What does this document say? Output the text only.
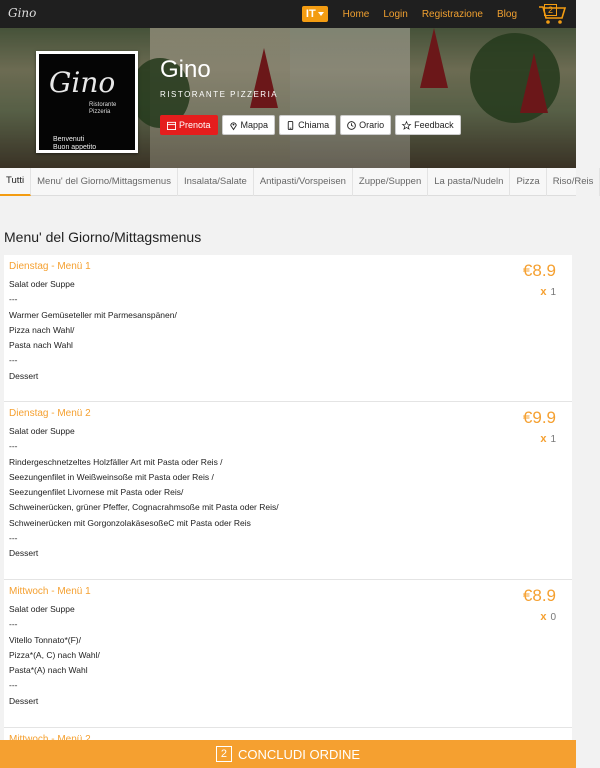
Gino	IT	Home Login Registrazione Blog	2
Gino
Ristorante
Pizzeria
Benvenuti
Buon appetito
Gino
RISTORANTE PIZZERIA
Prenota	Mappa	Chiama	Orario	Feedback
Tutti	Menu' del Giorno/Mittagsmenus	Insalata/Salate	Antipasti/Vorspeisen	Zuppe/Suppen	La pasta/Nudeln	Pizza	Riso/Reis
Menu' del Giorno/Mittagsmenus
Dienstag - Menü 1
Salat oder Suppe
---
Warmer Gemüseteller mit Parmesanspänen/
Pizza nach Wahl/
Pasta nach Wahl
---
Dessert
€8.9
x 1
Dienstag - Menü 2
Salat oder Suppe
---
Rindergeschnetzeltes Holzfäller Art mit Pasta oder Reis /
Seezungenfilet in Weißweinsoße mit Pasta oder Reis /
Seezungenfilet Livornese mit Pasta oder Reis/
Schweinerücken, grüner Pfeffer, Cognacrahmsoße mit Pasta oder Reis/
Schweinerücken mit GorgonzolakäsesoßeC mit Pasta oder Reis
---
Dessert
€9.9
x 1
Mittwoch - Menü 1
Salat oder Suppe
---
Vitello Tonnato*(F)/
Pizza*(A, C) nach Wahl/
Pasta*(A) nach Wahl
---
Dessert
€8.9
x 0
2 CONCLUDI ORDINE
